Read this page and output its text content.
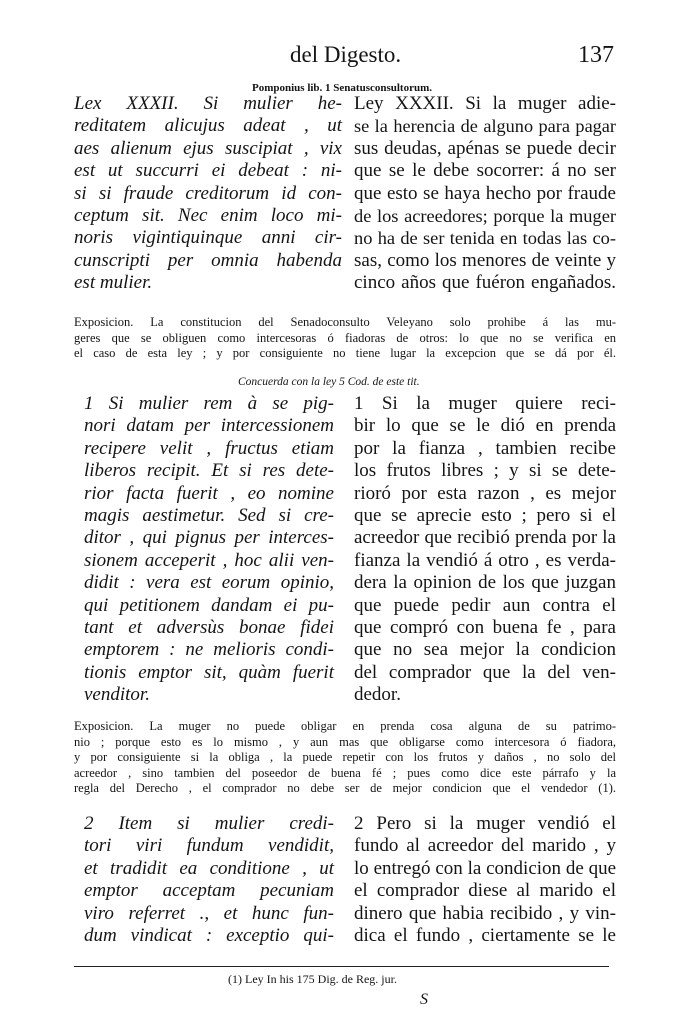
del Digesto.	137
Pomponius lib. 1 Senatusconsultorum.
Lex XXXII. Si mulier he-
reditatem alicujus adeat , ut
aes alienum ejus suscipiat , vix
est ut succurri ei debeat : ni-
si si fraude creditorum id con-
ceptum sit. Nec enim loco mi-
noris vigintiquinque anni cir-
cunscripti per omnia habenda
est mulier.
Ley XXXII. Si la muger adie-
se la herencia de alguno para pagar
sus deudas, apénas se puede decir
que se le debe socorrer: á no ser
que esto se haya hecho por fraude
de los acreedores; porque la muger
no ha de ser tenida en todas las co-
sas, como los menores de veinte y
cinco años que fuéron engañados.
Exposicion. La constitucion del Senadoconsulto Veleyano solo prohibe á las mu-
geres que se obliguen como intercesoras ó fiadoras de otros: lo que no se verifica en
el caso de esta ley ; y por consiguiente no tiene lugar la excepcion que se dá por él.
Concuerda con la ley 5 Cod. de este tit.
1 Si mulier rem à se pig-
nori datam per intercessionem
recipere velit , fructus etiam
liberos recipit. Et si res dete-
rior facta fuerit , eo nomine
magis aestimetur. Sed si cre-
ditor , qui pignus per interces-
sionem acceperit , hoc alii ven-
didit : vera est eorum opinio,
qui petitionem dandam ei pu-
tant et adversùs bonae fidei
emptorem : ne melioris condi-
tionis emptor sit, quàm fuerit
venditor.
1 Si la muger quiere reci-
bir lo que se le dió en prenda
por la fianza , tambien recibe
los frutos libres ; y si se dete-
rioró por esta razon , es mejor
que se aprecie esto ; pero si el
acreedor que recibió prenda por la
fianza la vendió á otro , es verda-
dera la opinion de los que juzgan
que puede pedir aun contra el
que compró con buena fe , para
que no sea mejor la condicion
del comprador que la del ven-
dedor.
Exposicion. La muger no puede obligar en prenda cosa alguna de su patrimo-
nio ; porque esto es lo mismo , y aun mas que obligarse como intercesora ó fiadora,
y por consiguiente si la obliga , la puede repetir con los frutos y daños , no solo del
acreedor , sino tambien del poseedor de buena fé ; pues como dice este párrafo y la
regla del Derecho , el comprador no debe ser de mejor condicion que el vendedor (1).
2 Item si mulier credi-
tori viri fundum vendidit,
et tradidit ea conditione , ut
emptor acceptam pecuniam
viro referret ., et hunc fun-
dum vindicat : exceptio qui-
2 Pero si la muger vendió el
fundo al acreedor del marido , y
lo entregó con la condicion de que
el comprador diese al marido el
dinero que habia recibido , y vin-
dica el fundo , ciertamente se le
(1) Ley In his 175 Dig. de Reg. jur.
S
